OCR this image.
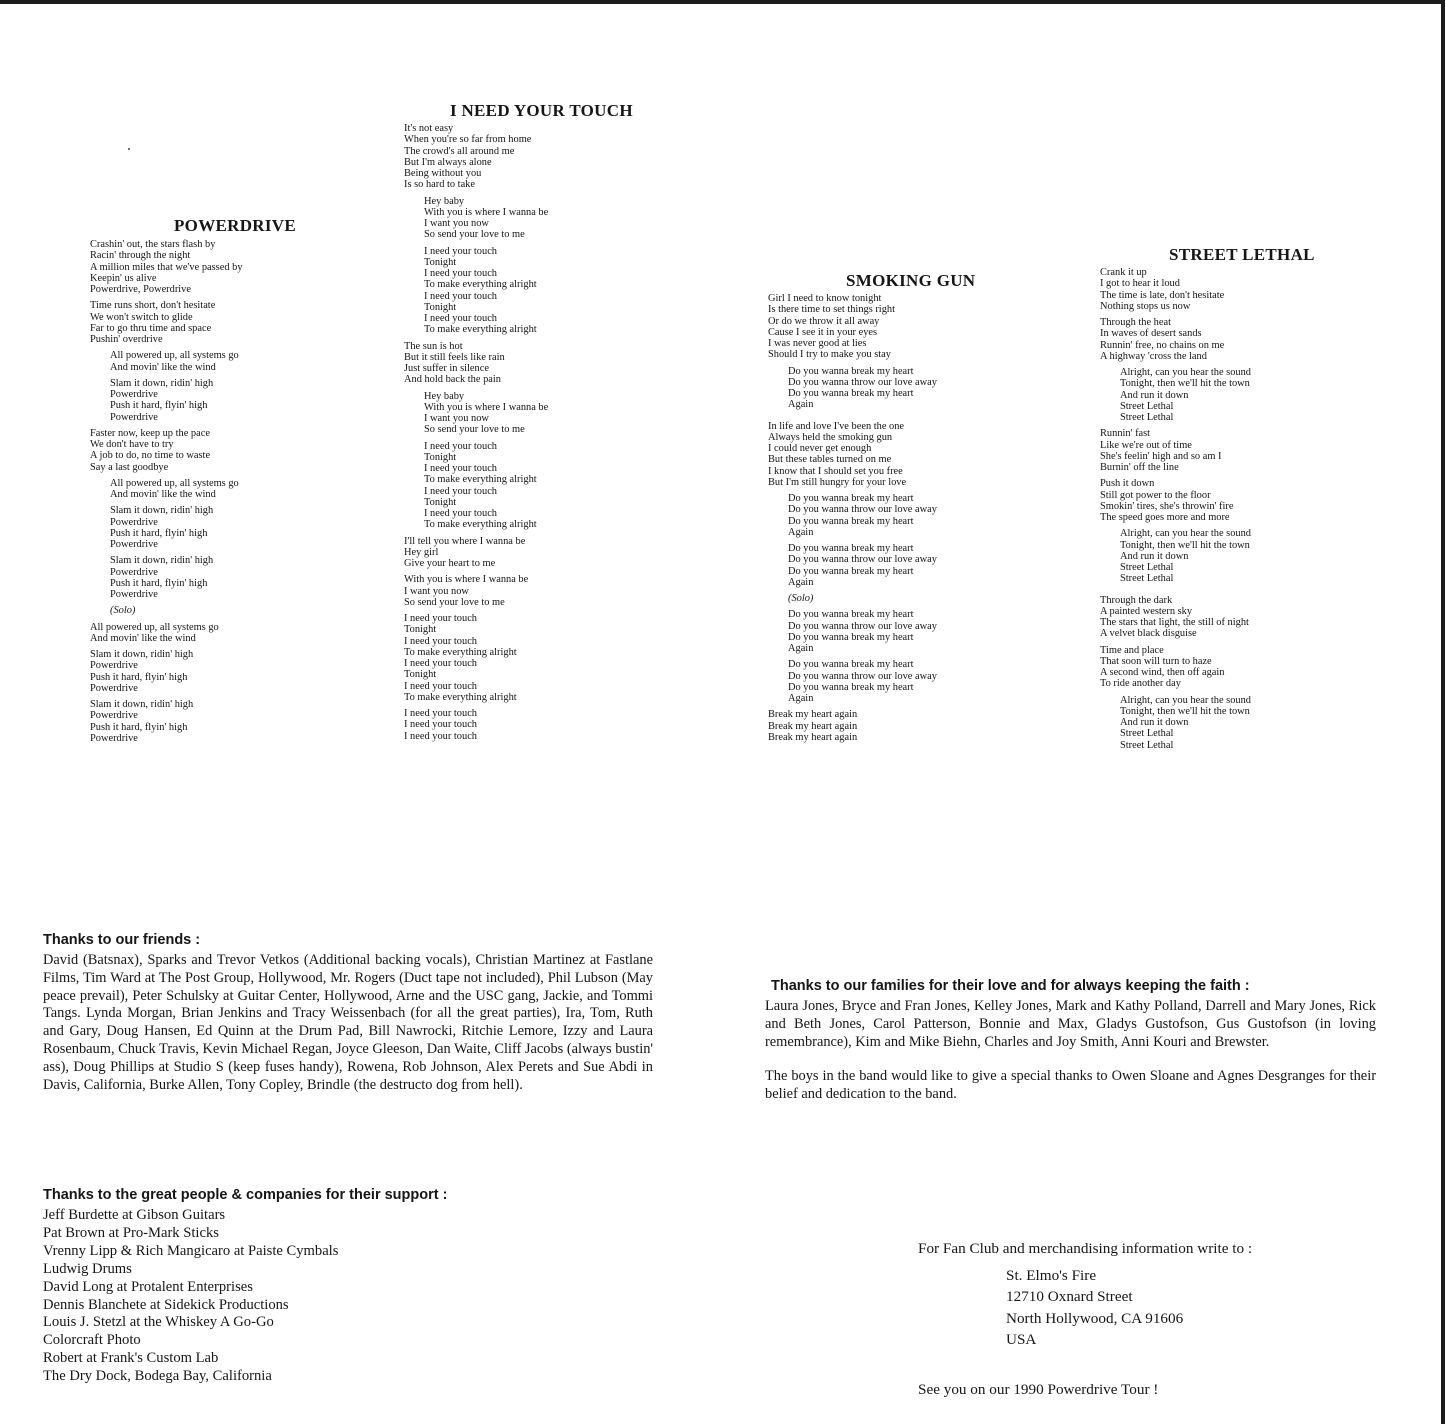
POWERDRIVE
Crashin' out, the stars flash by
Racin' through the night
A million miles that we've passed by
Keepin' us alive
Powerdrive, Powerdrive
Time runs short, don't hesitate
We won't switch to glide
Far to go thru time and space
Pushin' overdrive
All powered up, all systems go
And movin' like the wind
Slam it down, ridin' high
Powerdrive
Push it hard, flyin' high
Powerdrive
Faster now, keep up the pace
We don't have to try
A job to do, no time to waste
Say a last goodbye
All powered up, all systems go
And movin' like the wind
Slam it down, ridin' high
Powerdrive
Push it hard, flyin' high
Powerdrive
Slam it down, ridin' high
Powerdrive
Push it hard, flyin' high
Powerdrive
(Solo)
All powered up, all systems go
And movin' like the wind
Slam it down, ridin' high
Powerdrive
Push it hard, flyin' high
Powerdrive
Slam it down, ridin' high
Powerdrive
Push it hard, flyin' high
Powerdrive
I NEED YOUR TOUCH
It's not easy
When you're so far from home
The crowd's all around me
But I'm always alone
Being without you
Is so hard to take
Hey baby
With you is where I wanna be
I want you now
So send your love to me
I need your touch
Tonight
I need your touch
To make everything alright
I need your touch
Tonight
I need your touch
To make everything alright
The sun is hot
But it still feels like rain
Just suffer in silence
And hold back the pain
Hey baby
With you is where I wanna be
I want you now
So send your love to me
I need your touch
Tonight
I need your touch
To make everything alright
I need your touch
Tonight
I need your touch
To make everything alright
I'll tell you where I wanna be
Hey girl
Give your heart to me
With you is where I wanna be
I want you now
So send your love to me
I need your touch
Tonight
I need your touch
To make everything alright
I need your touch
Tonight
I need your touch
To make everything alright
I need your touch
I need your touch
I need your touch
SMOKING GUN
Girl I need to know tonight
Is there time to set things right
Or do we throw it all away
Cause I see it in your eyes
I was never good at lies
Should I try to make you stay
Do you wanna break my heart
Do you wanna throw our love away
Do you wanna break my heart
Again
In life and love I've been the one
Always held the smoking gun
I could never get enough
But these tables turned on me
I know that I should set you free
But I'm still hungry for your love
Do you wanna break my heart
Do you wanna throw our love away
Do you wanna break my heart
Again
Do you wanna break my heart
Do you wanna throw our love away
Do you wanna break my heart
Again
(Solo)
Do you wanna break my heart
Do you wanna throw our love away
Do you wanna break my heart
Again
Do you wanna break my heart
Do you wanna throw our love away
Do you wanna break my heart
Again
Break my heart again
Break my heart again
Break my heart again
STREET LETHAL
Crank it up
I got to hear it loud
The time is late, don't hesitate
Nothing stops us now
Through the heat
In waves of desert sands
Runnin' free, no chains on me
A highway 'cross the land
Alright, can you hear the sound
Tonight, then we'll hit the town
And run it down
Street Lethal
Street Lethal
Runnin' fast
Like we're out of time
She's feelin' high and so am I
Burnin' off the line
Push it down
Still got power to the floor
Smokin' tires, she's throwin' fire
The speed goes more and more
Alright, can you hear the sound
Tonight, then we'll hit the town
And run it down
Street Lethal
Street Lethal
Through the dark
A painted western sky
The stars that light, the still of night
A velvet black disguise
Time and place
That soon will turn to haze
A second wind, then off again
To ride another day
Alright, can you hear the sound
Tonight, then we'll hit the town
And run it down
Street Lethal
Street Lethal
Thanks to our friends :
David (Batsnax), Sparks and Trevor Vetkos (Additional backing vocals), Christian Martinez at Fastlane Films, Tim Ward at The Post Group, Hollywood, Mr. Rogers (Duct tape not included), Phil Lubson (May peace prevail), Peter Schulsky at Guitar Center, Hollywood, Arne and the USC gang, Jackie, and Tommi Tangs. Lynda Morgan, Brian Jenkins and Tracy Weissenbach (for all the great parties), Ira, Tom, Ruth and Gary, Doug Hansen, Ed Quinn at the Drum Pad, Bill Nawrocki, Ritchie Lemore, Izzy and Laura Rosenbaum, Chuck Travis, Kevin Michael Regan, Joyce Gleeson, Dan Waite, Cliff Jacobs (always bustin' ass), Doug Phillips at Studio S (keep fuses handy), Rowena, Rob Johnson, Alex Perets and Sue Abdi in Davis, California, Burke Allen, Tony Copley, Brindle (the destructo dog from hell).
Thanks to our families for their love and for always keeping the faith :
Laura Jones, Bryce and Fran Jones, Kelley Jones, Mark and Kathy Polland, Darrell and Mary Jones, Rick and Beth Jones, Carol Patterson, Bonnie and Max, Gladys Gustofson, Gus Gustofson (in loving remembrance), Kim and Mike Biehn, Charles and Joy Smith, Anni Kouri and Brewster.
The boys in the band would like to give a special thanks to Owen Sloane and Agnes Desgranges for their belief and dedication to the band.
Thanks to the great people & companies for their support :
Jeff Burdette at Gibson Guitars
Pat Brown at Pro-Mark Sticks
Vrenny Lipp & Rich Mangicaro at Paiste Cymbals
Ludwig Drums
David Long at Protalent Enterprises
Dennis Blanchete at Sidekick Productions
Louis J. Stetzl at the Whiskey A Go-Go
Colorcraft Photo
Robert at Frank's Custom Lab
The Dry Dock, Bodega Bay, California
For Fan Club and merchandising information write to :
St. Elmo's Fire
12710 Oxnard Street
North Hollywood, CA 91606
USA
See you on our 1990 Powerdrive Tour !
